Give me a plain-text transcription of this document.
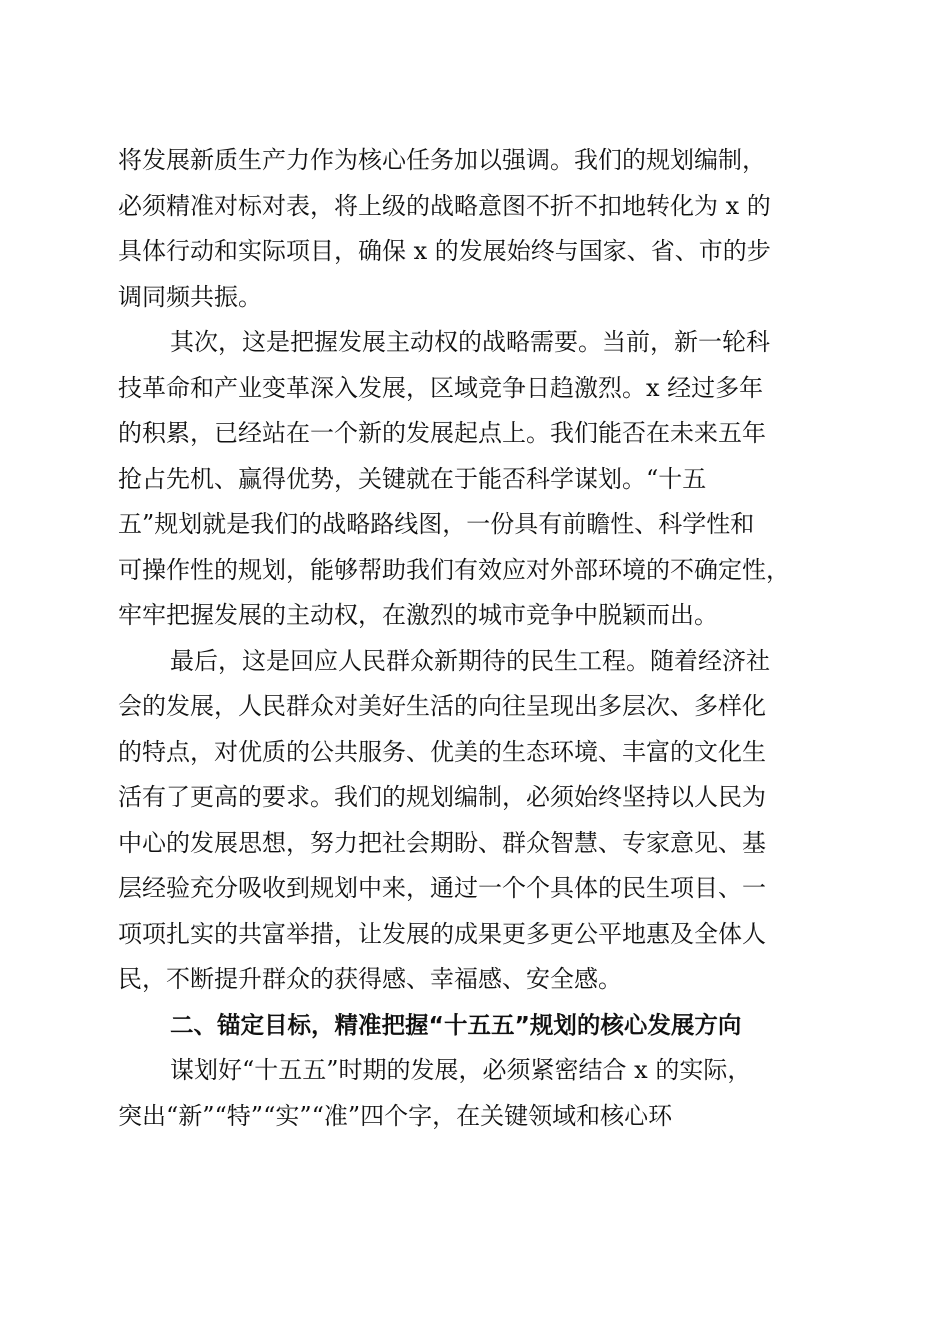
将发展新质生产力作为核心任务加以强调。我们的规划编制，
必须精准对标对表，将上级的战略意图不折不扣地转化为 x 的
具体行动和实际项目，确保 x 的发展始终与国家、省、市的步
调同频共振。
其次，这是把握发展主动权的战略需要。当前，新一轮科
技革命和产业变革深入发展，区域竞争日趋激烈。x 经过多年
的积累，已经站在一个新的发展起点上。我们能否在未来五年
抢占先机、赢得优势，关键就在于能否科学谋划。“十五
五”规划就是我们的战略路线图，一份具有前瞻性、科学性和
可操作性的规划，能够帮助我们有效应对外部环境的不确定性，
牢牢把握发展的主动权，在激烈的城市竞争中脱颖而出。
最后，这是回应人民群众新期待的民生工程。随着经济社
会的发展，人民群众对美好生活的向往呈现出多层次、多样化
的特点，对优质的公共服务、优美的生态环境、丰富的文化生
活有了更高的要求。我们的规划编制，必须始终坚持以人民为
中心的发展思想，努力把社会期盼、群众智慧、专家意见、基
层经验充分吸收到规划中来，通过一个个具体的民生项目、一
项项扎实的共富举措，让发展的成果更多更公平地惠及全体人
民，不断提升群众的获得感、幸福感、安全感。
二、锚定目标，精准把握“十五五”规划的核心发展方向
谋划好“十五五”时期的发展，必须紧密结合 x 的实际，
突出“新”“特”“实”“准”四个字，在关键领域和核心环
